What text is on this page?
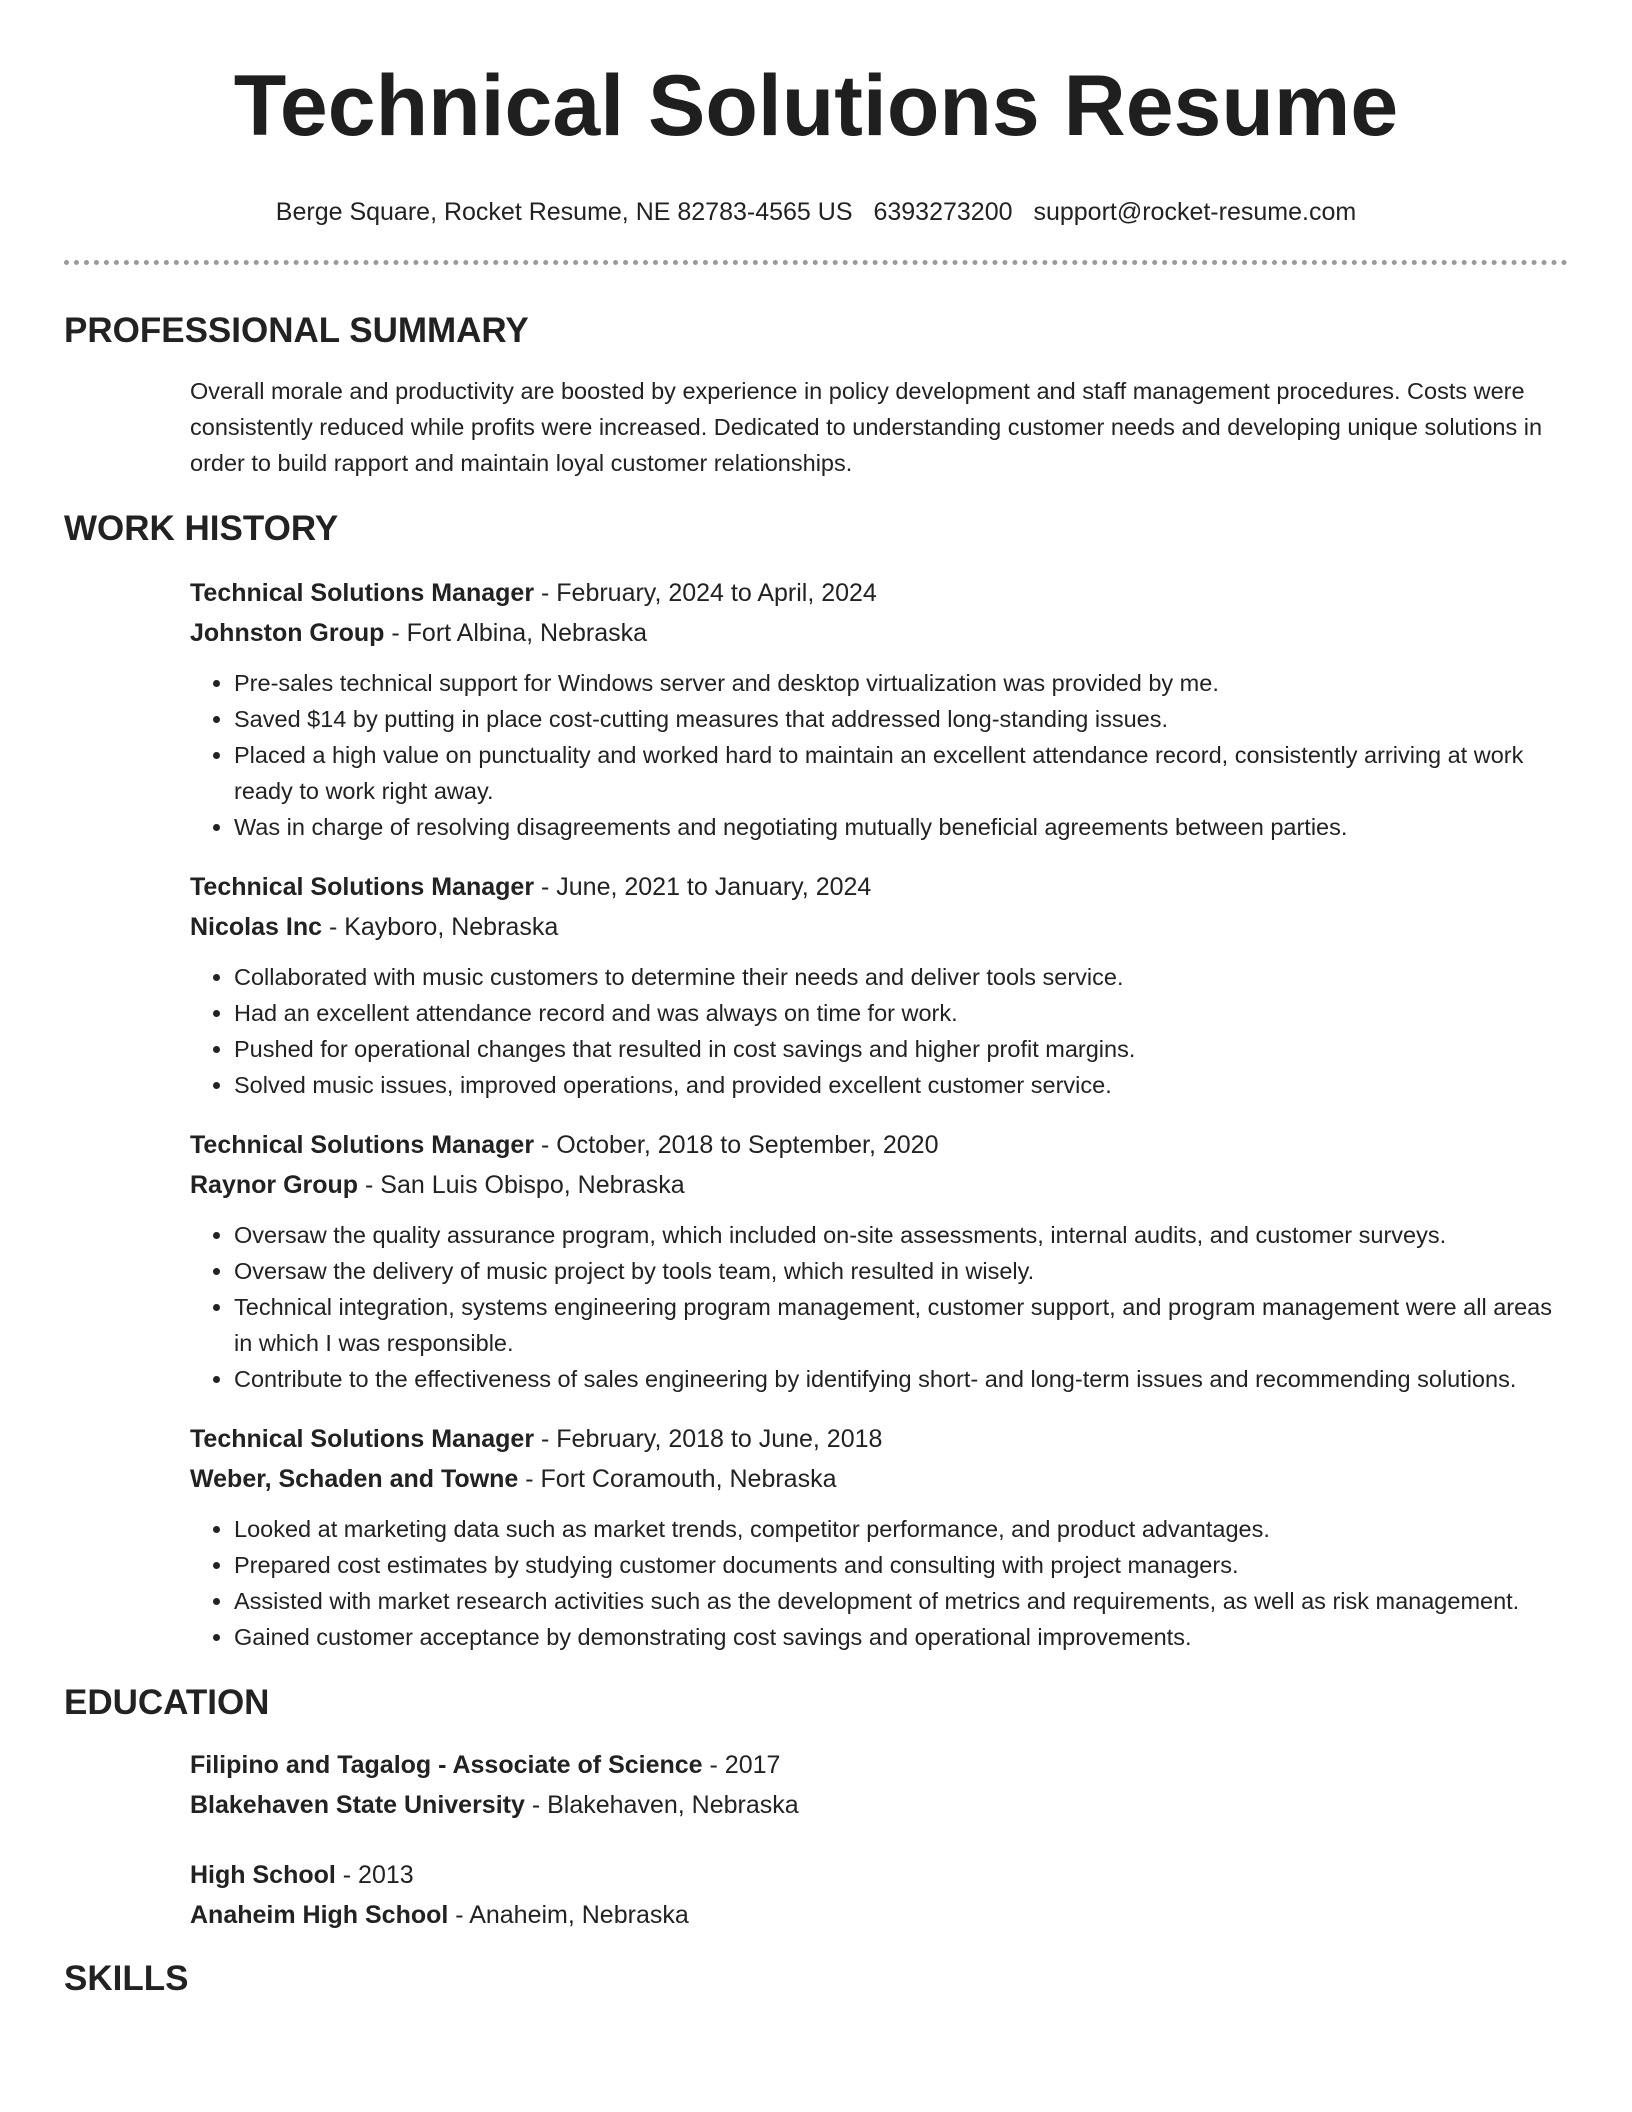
Technical Solutions Resume
Berge Square, Rocket Resume, NE 82783-4565 US 6393273200 support@rocket-resume.com
PROFESSIONAL SUMMARY

Overall morale and productivity are boosted by experience in policy development and staff management procedures. Costs were consistently reduced while profits were increased. Dedicated to understanding customer needs and developing unique solutions in order to build rapport and maintain loyal customer relationships.

WORK HISTORY
Technical Solutions Manager - February, 2024 to April, 2024
Johnston Group - Fort Albina, Nebraska
• Pre-sales technical support for Windows server and desktop virtualization was provided by me.
• Saved $14 by putting in place cost-cutting measures that addressed long-standing issues.
• Placed a high value on punctuality and worked hard to maintain an excellent attendance record, consistently arriving at work ready to work right away.
• Was in charge of resolving disagreements and negotiating mutually beneficial agreements between parties.
Technical Solutions Manager - June, 2021 to January, 2024
Nicolas Inc - Kayboro, Nebraska
• Collaborated with music customers to determine their needs and deliver tools service.
• Had an excellent attendance record and was always on time for work.
• Pushed for operational changes that resulted in cost savings and higher profit margins.
• Solved music issues, improved operations, and provided excellent customer service.
Technical Solutions Manager - October, 2018 to September, 2020
Raynor Group - San Luis Obispo, Nebraska
• Oversaw the quality assurance program, which included on-site assessments, internal audits, and customer surveys.
• Oversaw the delivery of music project by tools team, which resulted in wisely.
• Technical integration, systems engineering program management, customer support, and program management were all areas in which I was responsible.
• Contribute to the effectiveness of sales engineering by identifying short- and long-term issues and recommending solutions.
Technical Solutions Manager - February, 2018 to June, 2018
Weber, Schaden and Towne - Fort Coramouth, Nebraska
• Looked at marketing data such as market trends, competitor performance, and product advantages.
• Prepared cost estimates by studying customer documents and consulting with project managers.
• Assisted with market research activities such as the development of metrics and requirements, as well as risk management.
• Gained customer acceptance by demonstrating cost savings and operational improvements.
EDUCATION
Filipino and Tagalog - Associate of Science - 2017
Blakehaven State University - Blakehaven, Nebraska
High School - 2013
Anaheim High School - Anaheim, Nebraska
SKILLS
